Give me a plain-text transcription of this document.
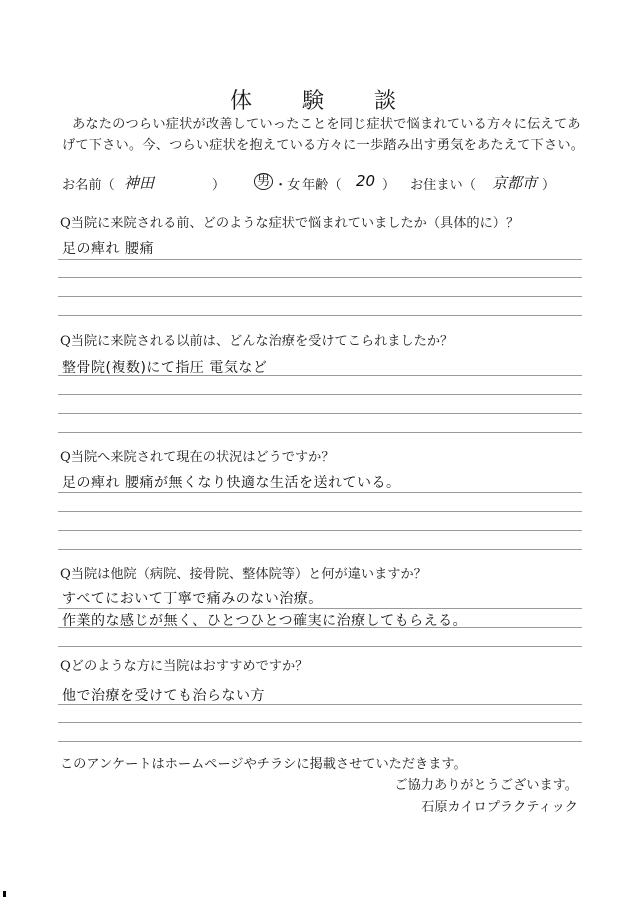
体　験　談
あなたのつらい症状が改善していったことを同じ症状で悩まれている方々に伝えてあげて下さい。今、つらい症状を抱えている方々に一歩踏み出す勇気をあたえて下さい。
お名前（ 神田	） 男 ・女 年齢（ 20 ） お住まい（ 京都市 ）
Q当院に来院される前、どのような症状で悩まれていましたか（具体的に）？
足の痺れ 腰痛
Q当院に来院される以前は、どんな治療を受けてこられましたか？
整骨院(複数)にて指圧 電気など
Q当院へ来院されて現在の状況はどうですか？
足の痺れ 腰痛が無くなり快適な生活を送れている。
Q当院は他院（病院、接骨院、整体院等）と何が違いますか？
すべてにおいて丁寧で痛みのない治療。
作業的な感じが無く、ひとつひとつ確実に治療してもらえる。
Qどのような方に当院はおすすめですか？
他で治療を受けても治らない方
このアンケートはホームページやチラシに掲載させていただきます。
ご協力ありがとうございます。
石原カイロプラクティック
